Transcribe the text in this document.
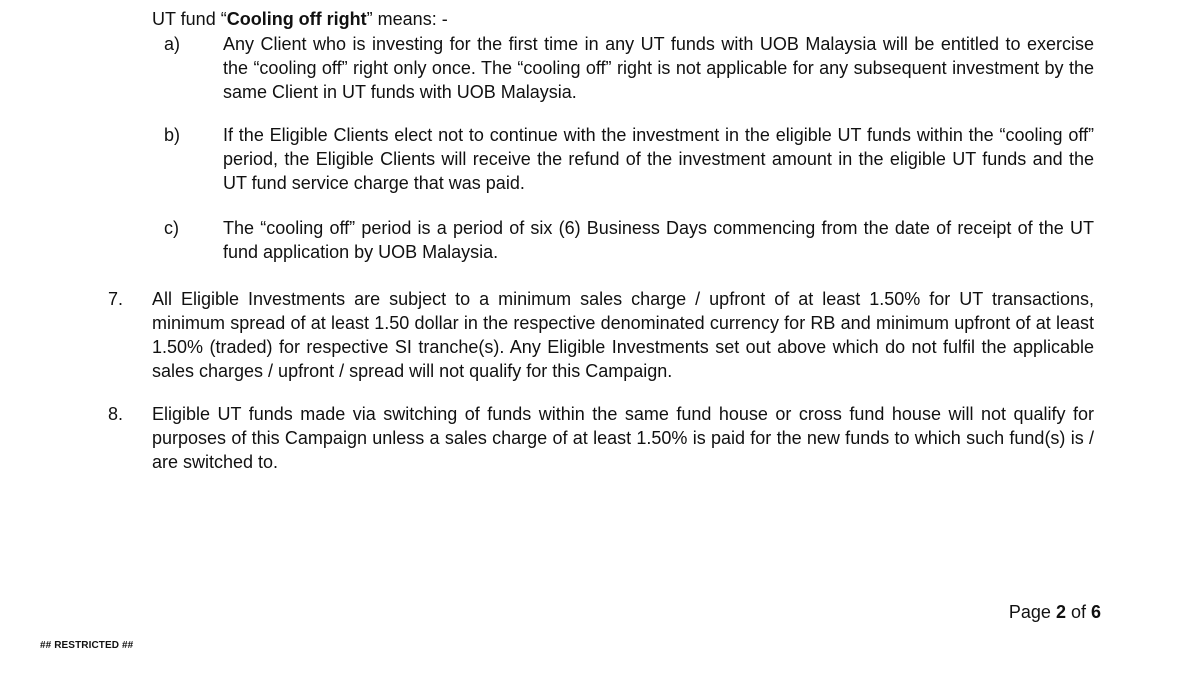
UT fund “Cooling off right” means: -
a) Any Client who is investing for the first time in any UT funds with UOB Malaysia will be entitled to exercise the “cooling off” right only once. The “cooling off” right is not applicable for any subsequent investment by the same Client in UT funds with UOB Malaysia.
b) If the Eligible Clients elect not to continue with the investment in the eligible UT funds within the “cooling off” period, the Eligible Clients will receive the refund of the investment amount in the eligible UT funds and the UT fund service charge that was paid.
c) The “cooling off” period is a period of six (6) Business Days commencing from the date of receipt of the UT fund application by UOB Malaysia.
7. All Eligible Investments are subject to a minimum sales charge / upfront of at least 1.50% for UT transactions, minimum spread of at least 1.50 dollar in the respective denominated currency for RB and minimum upfront of at least 1.50% (traded) for respective SI tranche(s). Any Eligible Investments set out above which do not fulfil the applicable sales charges / upfront / spread will not qualify for this Campaign.
8. Eligible UT funds made via switching of funds within the same fund house or cross fund house will not qualify for purposes of this Campaign unless a sales charge of at least 1.50% is paid for the new funds to which such fund(s) is / are switched to.
Page 2 of 6
## RESTRICTED ##
